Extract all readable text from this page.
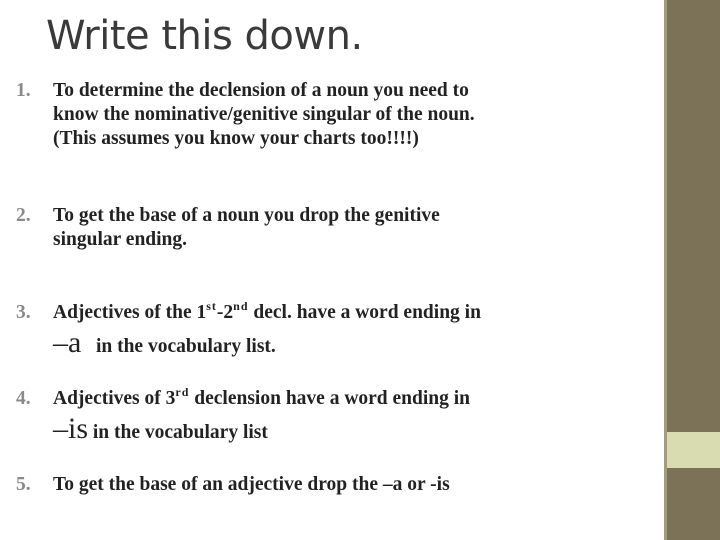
Write this down.
1.	To determine the declension of a noun you need to
know the nominative/genitive singular of the noun.
(This assumes you know your charts too!!!!)
2.	To get the base of a noun you drop the genitive
singular ending.
3.	Adjectives of the 1st-2nd decl. have a word ending in
–a in the vocabulary list.
4.	Adjectives of 3rd declension have a word ending in
–is in the vocabulary list
5.	To get the base of an adjective drop the –a or -is
